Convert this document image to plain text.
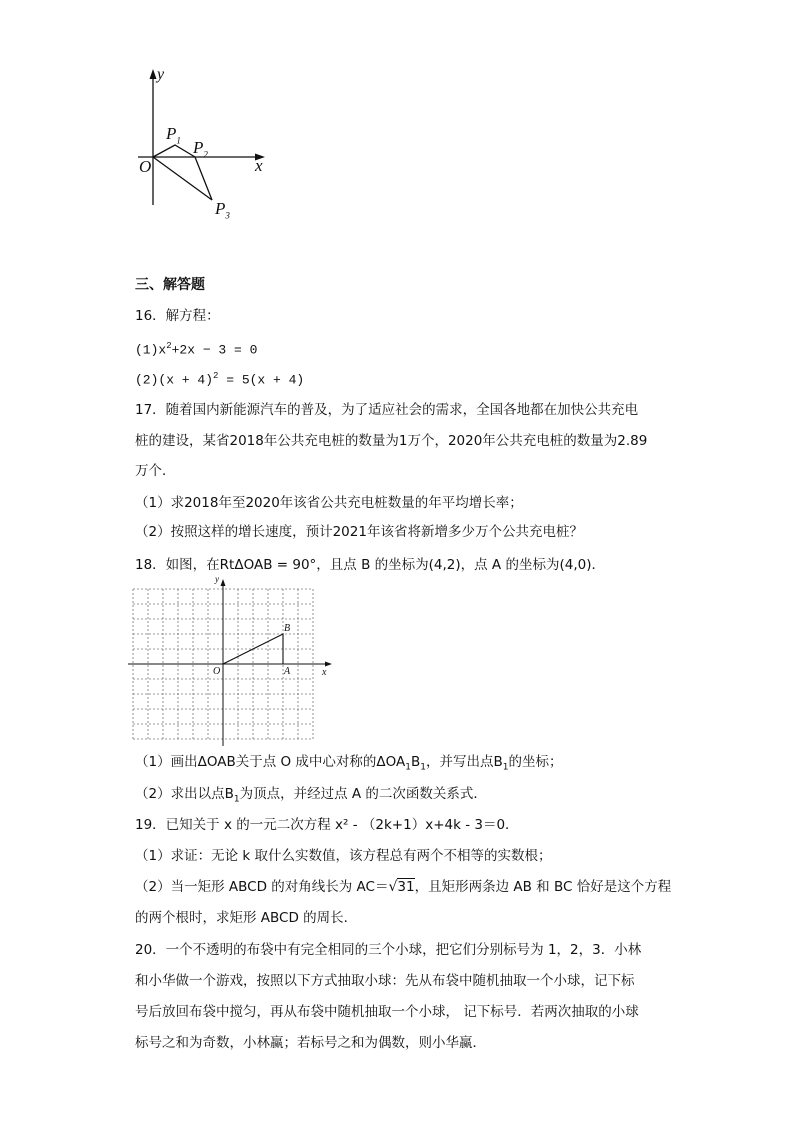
y
x
O
$P_1$ $P_2$
$P_3$
三、解答题
16．解方程：
$(1)x^2+2x - 3 = 0$
$(2)(x + 4)^2 = 5(x + 4)$
17．随着国内新能源汽车的普及，为了适应社会的需求，全国各地都在加快公共充电
桩的建设，某省2018年公共充电桩的数量为1万个，2020年公共充电桩的数量为2.89
万个．
（1）求2018年至2020年该省公共充电桩数量的年平均增长率；
（2）按照这样的增长速度，预计2021年该省将新增多少万个公共充电桩？
18．如图，在RtΔOAB = 90°，且点 B 的坐标为(4,2)，点 A 的坐标为(4,0)．
y
x
O	A
B
（1）画出ΔOAB关于点 O 成中心对称的$\Delta OA_1B_1$，并写出点$B_1$的坐标；
（2）求出以点$B_1$为顶点，并经过点 A 的二次函数关系式．
19．已知关于 x 的一元二次方程 x² - （2k+1）x+4k - 3＝0．
（1）求证：无论 k 取什么实数值，该方程总有两个不相等的实数根；
（2）当一矩形 ABCD 的对角线长为 AC＝√31，且矩形两条边 AB 和 BC 恰好是这个方程
的两个根时，求矩形 ABCD 的周长．
20．一个不透明的布袋中有完全相同的三个小球，把它们分别标号为 1，2，3．小林
和小华做一个游戏，按照以下方式抽取小球：先从布袋中随机抽取一个小球，记下标
号后放回布袋中搅匀，再从布袋中随机抽取一个小球， 记下标号．若两次抽取的小球
标号之和为奇数，小林赢；若标号之和为偶数，则小华赢．
